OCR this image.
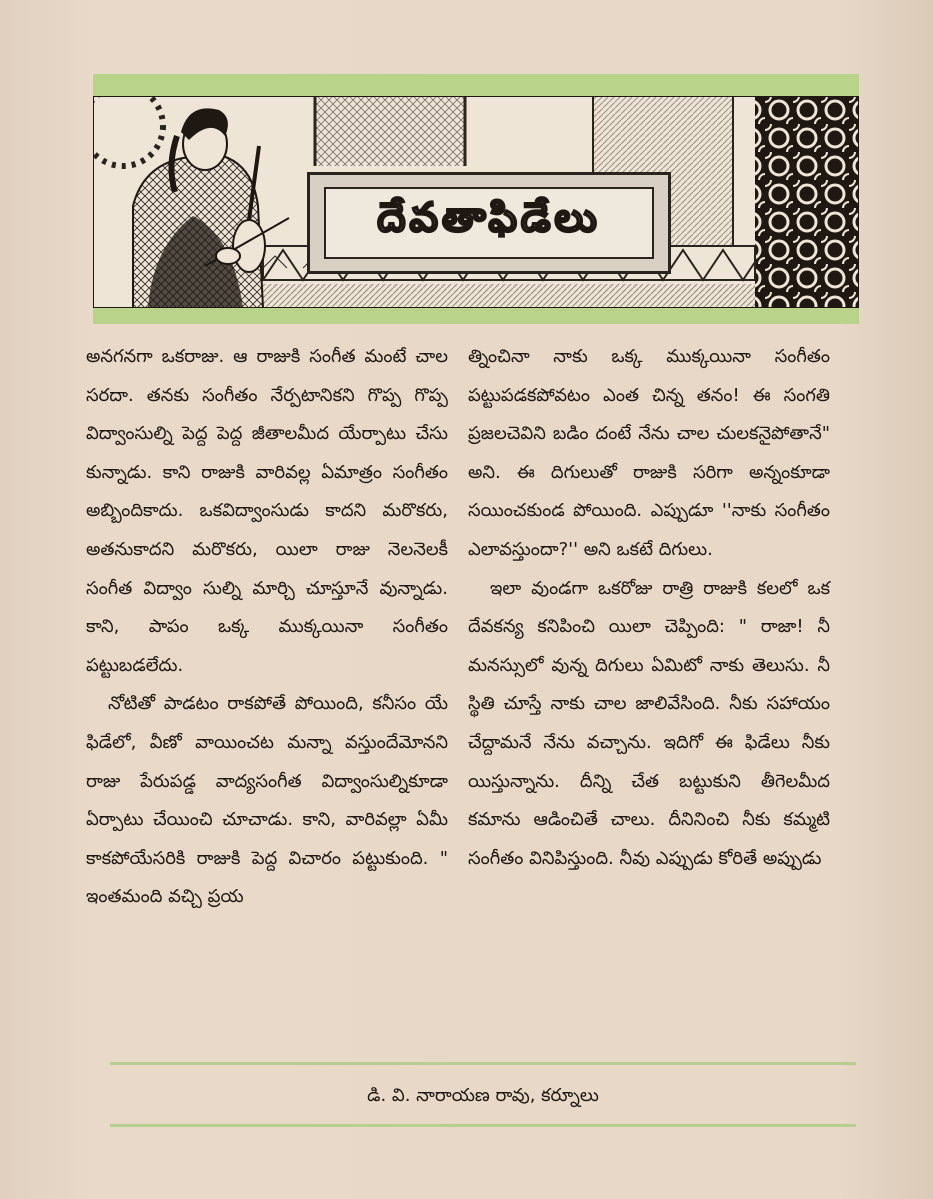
దేవతాఫిడేలు

అనగనగా ఒకరాజు. ఆ రాజుకి సంగీత మంటే చాల సరదా. తనకు సంగీతం నేర్పటానికని గొప్ప గొప్ప విద్వాంసుల్ని పెద్ద పెద్ద జీతాలమీద యేర్పాటు చేసు కున్నాడు. కాని రాజుకి వారివల్ల ఏమాత్రం సంగీతం అబ్బిందికాదు. ఒకవిద్వాంసుడు కాదని మరొకరు, అతనుకాదని మరొకరు, యిలా రాజు నెలనెలకీ సంగీత విద్వాం సుల్ని మార్చి చూస్తూనే వున్నాడు. కాని, పాపం ఒక్క ముక్కయినా సంగీతం పట్టుబడలేదు.

నోటితో పాడటం రాకపోతే పోయింది, కనీసం యే ఫిడేలో, వీణో వాయించట మన్నా వస్తుందేమోనని రాజు పేరుపడ్డ వాద్యసంగీత విద్వాంసుల్నికూడా ఏర్పాటు చేయించి చూచాడు. కాని, వారివల్లా ఏమీ కాకపోయేసరికి రాజుకి పెద్ద విచారం పట్టుకుంది. " ఇంతమంది వచ్చి ప్రయ

త్నించినా నాకు ఒక్క ముక్కయినా సంగీతం పట్టుపడకపోవటం ఎంత చిన్న తనం! ఈ సంగతి ప్రజలచెవిని బడిం దంటే నేను చాల చులకనైపోతానే" అని. ఈ దిగులుతో రాజుకి సరిగా అన్నంకూడా సయించకుండ పోయింది. ఎప్పుడూ ''నాకు సంగీతం ఎలావస్తుందా?'' అని ఒకటే దిగులు.

ఇలా వుండగా ఒకరోజు రాత్రి రాజుకి కలలో ఒక దేవకన్య కనిపించి యిలా చెప్పింది: " రాజా! నీ మనస్సులో వున్న దిగులు ఏమిటో నాకు తెలుసు. నీ స్థితి చూస్తే నాకు చాల జాలివేసింది. నీకు సహాయం చేద్దామనే నేను వచ్చాను. ఇదిగో ఈ ఫిడేలు నీకు యిస్తున్నాను. దీన్ని చేత బట్టుకుని తీగెలమీద కమాను ఆడించితే చాలు. దీనినించి నీకు కమ్మటి సంగీతం వినిపిస్తుంది. నీవు ఎప్పుడు కోరితే అప్పుడు

డి. వి. నారాయణ రావు, కర్నూలు
